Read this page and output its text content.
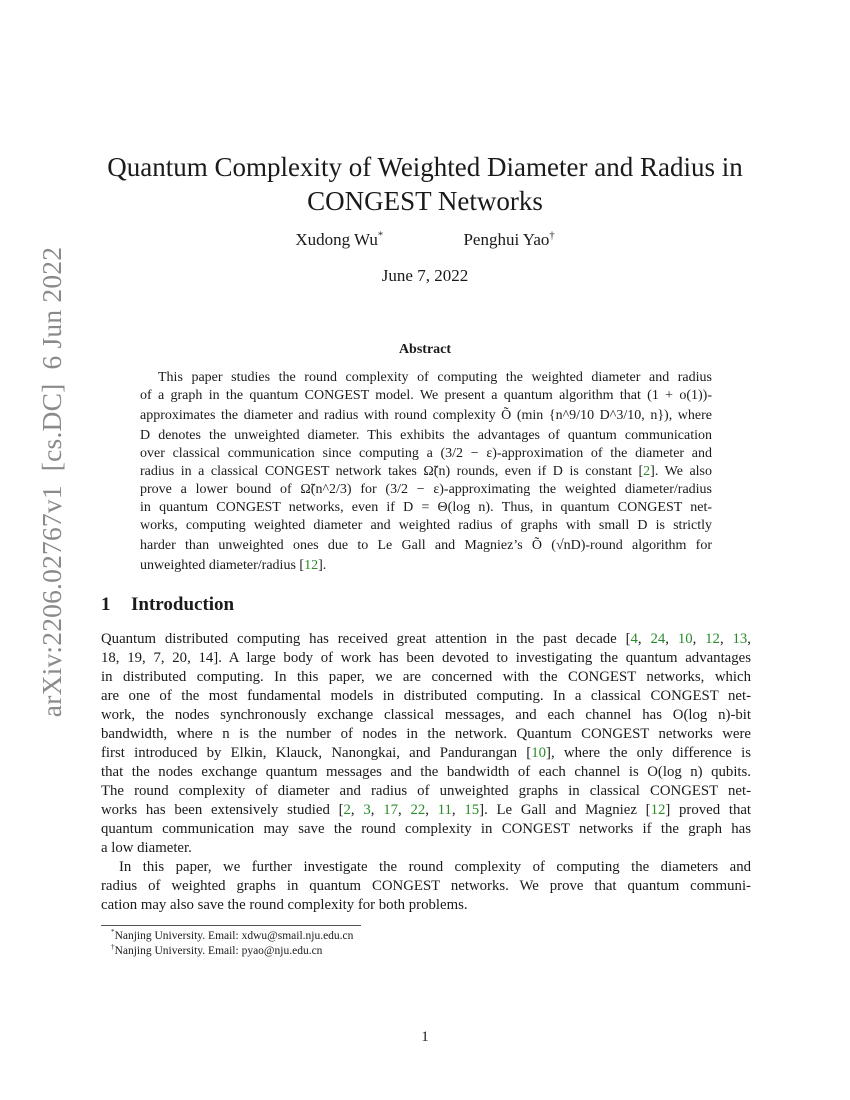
arXiv:2206.02767v1[cs.DC]6 Jun 2022
Quantum Complexity of Weighted Diameter and Radius in
CONGEST Networks
Xudong Wu*	Penghui Yao†
June 7, 2022
Abstract
This paper studies the round complexity of computing the weighted diameter and radius
of a graph in the quantum CONGEST model. We present a quantum algorithm that (1 + o(1))-
approximates the diameter and radius with round complexity Õ (min {n^9/10 D^3/10, n}), where
D denotes the unweighted diameter. This exhibits the advantages of quantum communication
over classical communication since computing a (3/2 − ε)-approximation of the diameter and
radius in a classical CONGEST network takes Ω̃(n) rounds, even if D is constant [2]. We also
prove a lower bound of Ω̃(n^2/3) for (3/2 − ε)-approximating the weighted diameter/radius
in quantum CONGEST networks, even if D = Θ(log n). Thus, in quantum CONGEST net-
works, computing weighted diameter and weighted radius of graphs with small D is strictly
harder than unweighted ones due to Le Gall and Magniez’s Õ (√nD)-round algorithm for
unweighted diameter/radius [12].
1 Introduction
Quantum distributed computing has received great attention in the past decade [4, 24, 10, 12, 13,
18, 19, 7, 20, 14]. A large body of work has been devoted to investigating the quantum advantages
in distributed computing. In this paper, we are concerned with the CONGEST networks, which
are one of the most fundamental models in distributed computing. In a classical CONGEST net-
work, the nodes synchronously exchange classical messages, and each channel has O(log n)-bit
bandwidth, where n is the number of nodes in the network. Quantum CONGEST networks were
first introduced by Elkin, Klauck, Nanongkai, and Pandurangan [10], where the only difference is
that the nodes exchange quantum messages and the bandwidth of each channel is O(log n) qubits.
The round complexity of diameter and radius of unweighted graphs in classical CONGEST net-
works has been extensively studied [2, 3, 17, 22, 11, 15]. Le Gall and Magniez [12] proved that
quantum communication may save the round complexity in CONGEST networks if the graph has
a low diameter.
In this paper, we further investigate the round complexity of computing the diameters and
radius of weighted graphs in quantum CONGEST networks. We prove that quantum communi-
cation may also save the round complexity for both problems.
*Nanjing University. Email: xdwu@smail.nju.edu.cn
†Nanjing University. Email: pyao@nju.edu.cn
1
